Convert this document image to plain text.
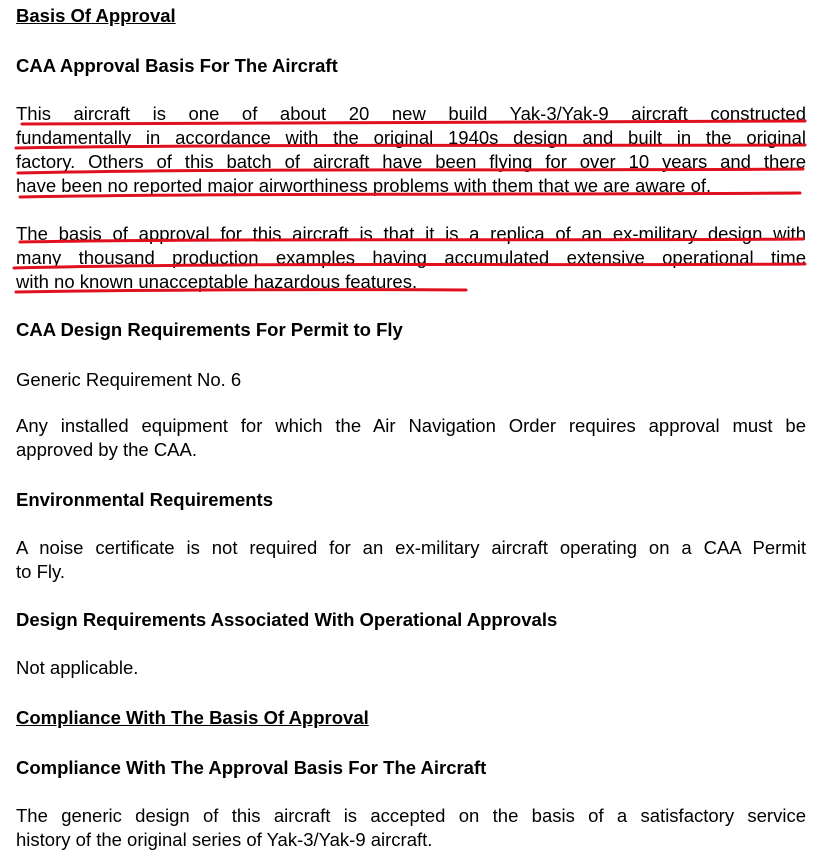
Basis Of Approval
CAA Approval Basis For The Aircraft
This aircraft is one of about 20 new build Yak-3/Yak-9 aircraft constructed
fundamentally in accordance with the original 1940s design and built in the original
factory. Others of this batch of aircraft have been flying for over 10 years and there
have been no reported major airworthiness problems with them that we are aware of.
The basis of approval for this aircraft is that it is a replica of an ex-military design with
many thousand production examples having accumulated extensive operational time
with no known unacceptable hazardous features.
CAA Design Requirements For Permit to Fly
Generic Requirement No. 6
Any installed equipment for which the Air Navigation Order requires approval must be
approved by the CAA.
Environmental Requirements
A noise certificate is not required for an ex-military aircraft operating on a CAA Permit
to Fly.
Design Requirements Associated With Operational Approvals
Not applicable.
Compliance With The Basis Of Approval
Compliance With The Approval Basis For The Aircraft
The generic design of this aircraft is accepted on the basis of a satisfactory service
history of the original series of Yak-3/Yak-9 aircraft.
